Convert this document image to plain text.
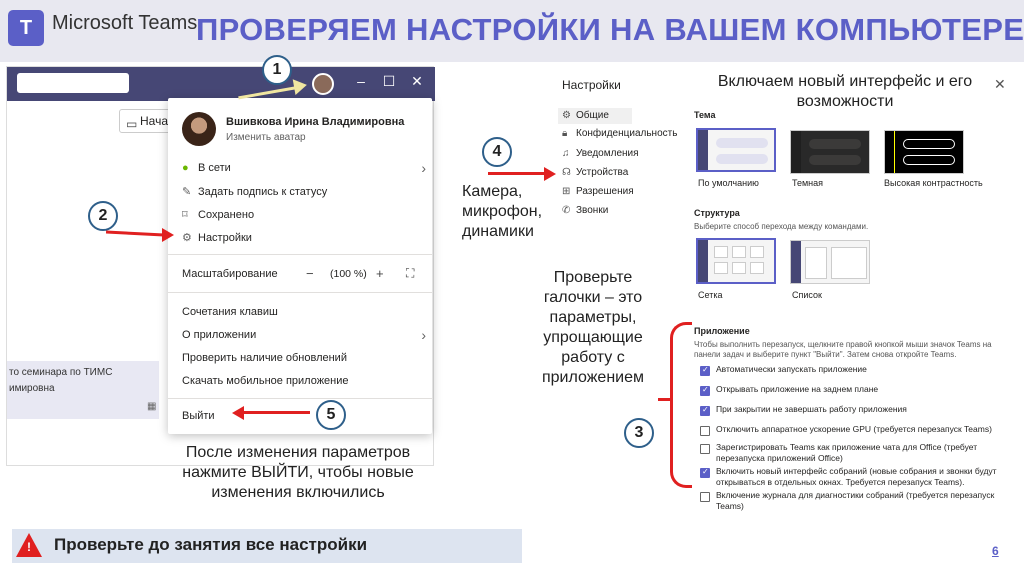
T Microsoft Teams
ПРОВЕРЯЕМ НАСТРОЙКИ НА ВАШЕМ КОМПЬЮТЕРЕ
– ☐ ✕
▭ Нача
то семинара по ТИМС
имировна
▦
Вшивкова Ирина Владимировна
Изменить аватар
● В сети	›
✎ Задать подпись к статусу
⌑ Сохранено
⚙ Настройки
Масштабирование − (100 %) + ⛶
Сочетания клавиш
О приложении	›
Проверить наличие обновлений
Скачать мобильное приложение
Выйти
Настройки	✕
⚙ Общие
🔒︎ Конфиденциальность
♫ Уведомления
☊ Устройства
⊞ Разрешения
✆ Звонки
Тема
По умолчанию	Темная	Высокая контрастность
Структура
Выберите способ перехода между командами.
Сетка	Список
Приложение
Чтобы выполнить перезапуск, щелкните правой кнопкой мыши значок Teams на панели задач и выберите пункт "Выйти". Затем снова откройте Teams.
✓
Автоматически запускать приложение
✓
Открывать приложение на заднем плане
✓
При закрытии не завершать работу приложения
Отключить аппаратное ускорение GPU (требуется перезапуск Teams)
Зарегистрировать Teams как приложение чата для Office (требует перезапуска приложений Office)
✓
Включить новый интерфейс собраний (новые собрания и звонки будут открываться в отдельных окнах. Требуется перезапуск Teams).
Включение журнала для диагностики собраний (требуется перезапуск Teams)
1
2
4
Камера,
микрофон,
динамики
Включаем новый интерфейс и его возможности
Проверьте
галочки – это
параметры,
упрощающие
работу с
приложением
3
5
После изменения параметров
нажмите ВЫЙТИ, чтобы новые
изменения включились
! Проверьте до занятия все настройки	6
